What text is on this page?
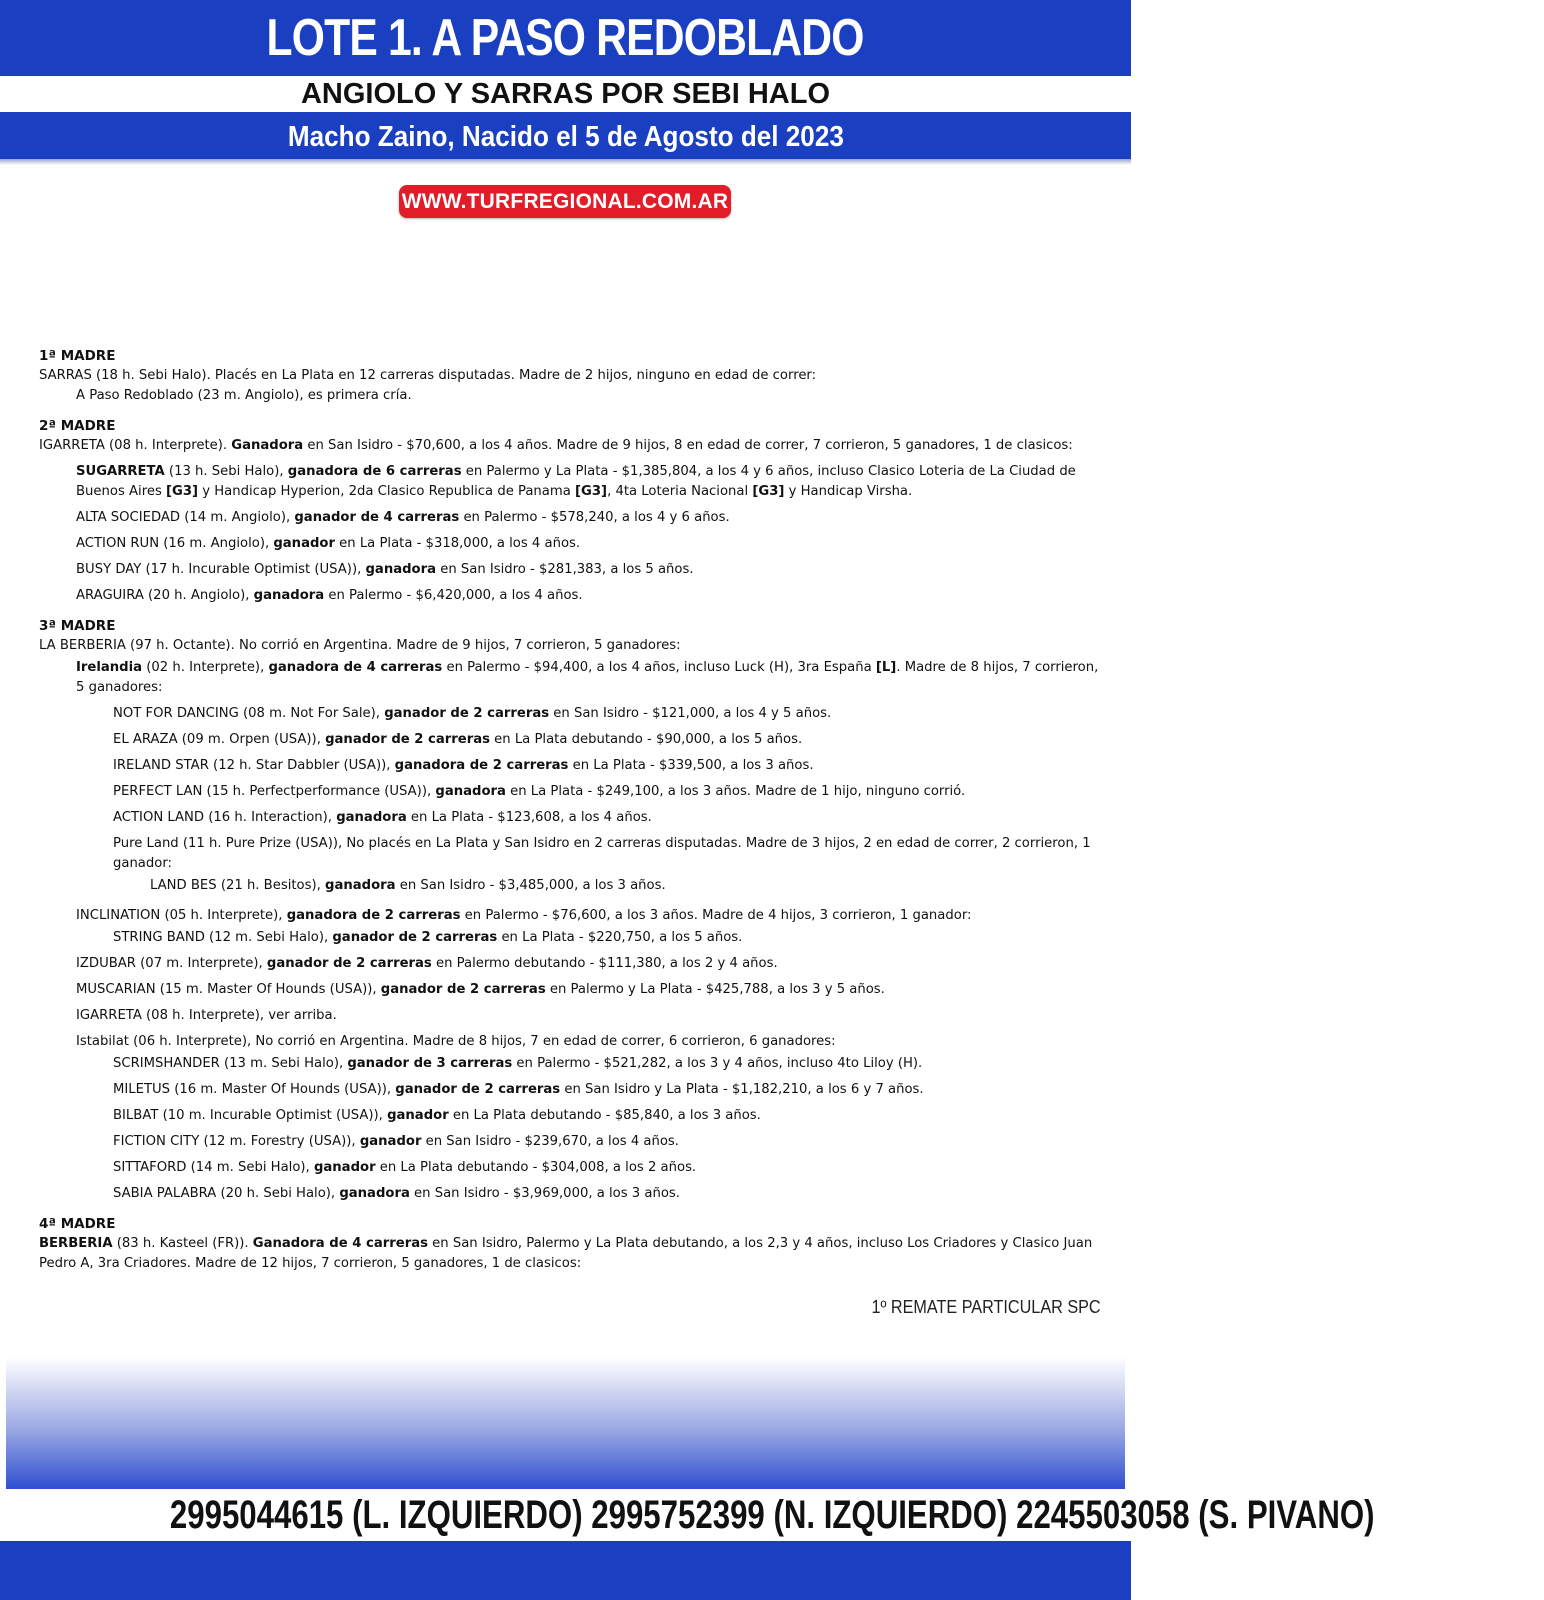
LOTE 1. A PASO REDOBLADO
ANGIOLO Y SARRAS POR SEBI HALO
Macho Zaino, Nacido el 5 de Agosto del 2023
WWW.TURFREGIONAL.COM.AR
1ª MADRE
SARRAS (18 h. Sebi Halo). Placés en La Plata en 12 carreras disputadas. Madre de 2 hijos, ninguno en edad de correr:
A Paso Redoblado (23 m. Angiolo), es primera cría.
2ª MADRE
IGARRETA (08 h. Interprete). Ganadora en San Isidro - $70,600, a los 4 años. Madre de 9 hijos, 8 en edad de correr, 7 corrieron, 5 ganadores, 1 de clasicos:
SUGARRETA (13 h. Sebi Halo), ganadora de 6 carreras en Palermo y La Plata - $1,385,804, a los 4 y 6 años, incluso Clasico Loteria de La Ciudad de Buenos Aires [G3] y Handicap Hyperion, 2da Clasico Republica de Panama [G3], 4ta Loteria Nacional [G3] y Handicap Virsha.
ALTA SOCIEDAD (14 m. Angiolo), ganador de 4 carreras en Palermo - $578,240, a los 4 y 6 años.
ACTION RUN (16 m. Angiolo), ganador en La Plata - $318,000, a los 4 años.
BUSY DAY (17 h. Incurable Optimist (USA)), ganadora en San Isidro - $281,383, a los 5 años.
ARAGUIRA (20 h. Angiolo), ganadora en Palermo - $6,420,000, a los 4 años.
3ª MADRE
LA BERBERIA (97 h. Octante). No corrió en Argentina. Madre de 9 hijos, 7 corrieron, 5 ganadores:
Irelandia (02 h. Interprete), ganadora de 4 carreras en Palermo - $94,400, a los 4 años, incluso Luck (H), 3ra España [L]. Madre de 8 hijos, 7 corrieron, 5 ganadores:
NOT FOR DANCING (08 m. Not For Sale), ganador de 2 carreras en San Isidro - $121,000, a los 4 y 5 años.
EL ARAZA (09 m. Orpen (USA)), ganador de 2 carreras en La Plata debutando - $90,000, a los 5 años.
IRELAND STAR (12 h. Star Dabbler (USA)), ganadora de 2 carreras en La Plata - $339,500, a los 3 años.
PERFECT LAN (15 h. Perfectperformance (USA)), ganadora en La Plata - $249,100, a los 3 años. Madre de 1 hijo, ninguno corrió.
ACTION LAND (16 h. Interaction), ganadora en La Plata - $123,608, a los 4 años.
Pure Land (11 h. Pure Prize (USA)), No placés en La Plata y San Isidro en 2 carreras disputadas. Madre de 3 hijos, 2 en edad de correr, 2 corrieron, 1 ganador:
LAND BES (21 h. Besitos), ganadora en San Isidro - $3,485,000, a los 3 años.
INCLINATION (05 h. Interprete), ganadora de 2 carreras en Palermo - $76,600, a los 3 años. Madre de 4 hijos, 3 corrieron, 1 ganador:
STRING BAND (12 m. Sebi Halo), ganador de 2 carreras en La Plata - $220,750, a los 5 años.
IZDUBAR (07 m. Interprete), ganador de 2 carreras en Palermo debutando - $111,380, a los 2 y 4 años.
MUSCARIAN (15 m. Master Of Hounds (USA)), ganador de 2 carreras en Palermo y La Plata - $425,788, a los 3 y 5 años.
IGARRETA (08 h. Interprete), ver arriba.
Istabilat (06 h. Interprete), No corrió en Argentina. Madre de 8 hijos, 7 en edad de correr, 6 corrieron, 6 ganadores:
SCRIMSHANDER (13 m. Sebi Halo), ganador de 3 carreras en Palermo - $521,282, a los 3 y 4 años, incluso 4to Liloy (H).
MILETUS (16 m. Master Of Hounds (USA)), ganador de 2 carreras en San Isidro y La Plata - $1,182,210, a los 6 y 7 años.
BILBAT (10 m. Incurable Optimist (USA)), ganador en La Plata debutando - $85,840, a los 3 años.
FICTION CITY (12 m. Forestry (USA)), ganador en San Isidro - $239,670, a los 4 años.
SITTAFORD (14 m. Sebi Halo), ganador en La Plata debutando - $304,008, a los 2 años.
SABIA PALABRA (20 h. Sebi Halo), ganadora en San Isidro - $3,969,000, a los 3 años.
4ª MADRE
BERBERIA (83 h. Kasteel (FR)). Ganadora de 4 carreras en San Isidro, Palermo y La Plata debutando, a los 2,3 y 4 años, incluso Los Criadores y Clasico Juan Pedro A, 3ra Criadores. Madre de 12 hijos, 7 corrieron, 5 ganadores, 1 de clasicos:
1º REMATE PARTICULAR SPC
2995044615 (L. IZQUIERDO) 2995752399 (N. IZQUIERDO) 2245503058 (S. PIVANO)
